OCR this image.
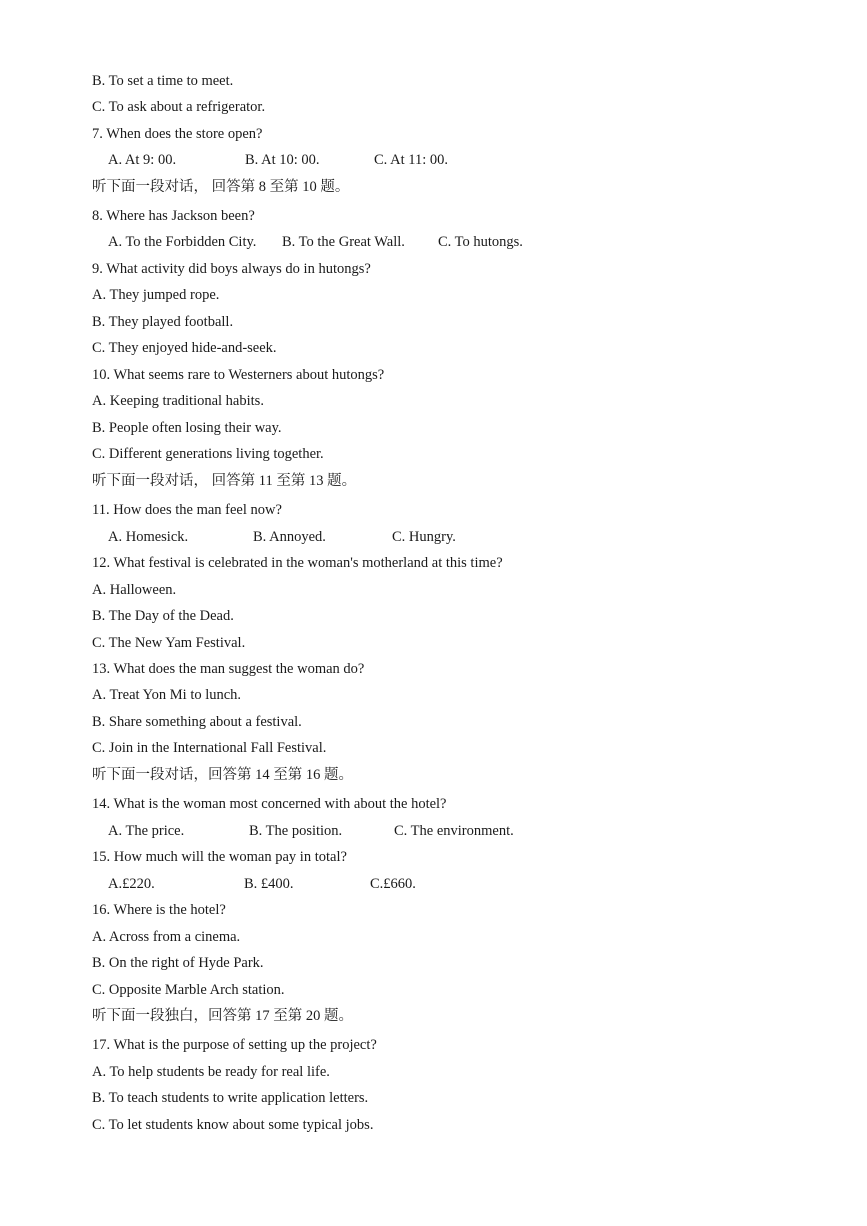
B. To set a time to meet.
C. To ask about a refrigerator.
7. When does the store open?
A. At 9: 00.	B. At 10: 00.	C. At 11: 00.
听下面一段对话， 回答第 8 至第 10 题。
8. Where has Jackson been?
A. To the Forbidden City. B. To the Great Wall. C. To hutongs.
9. What activity did boys always do in hutongs?
A. They jumped rope.
B. They played football.
C. They enjoyed hide-and-seek.
10. What seems rare to Westerners about hutongs?
A. Keeping traditional habits.
B. People often losing their way.
C. Different generations living together.
听下面一段对话， 回答第 11 至第 13 题。
11. How does the man feel now?
A. Homesick.	B. Annoyed.	C. Hungry.
12. What festival is celebrated in the woman's motherland at this time?
A. Halloween.
B. The Day of the Dead.
C. The New Yam Festival.
13. What does the man suggest the woman do?
A. Treat Yon Mi to lunch.
B. Share something about a festival.
C. Join in the International Fall Festival.
听下面一段对话，回答第 14 至第 16 题。
14. What is the woman most concerned with about the hotel?
A. The price.	B. The position.	C. The environment.
15. How much will the woman pay in total?
A.£220.	B. £400.	C.£660.
16. Where is the hotel?
A. Across from a cinema.
B. On the right of Hyde Park.
C. Opposite Marble Arch station.
听下面一段独白，回答第 17 至第 20 题。
17. What is the purpose of setting up the project?
A. To help students be ready for real life.
B. To teach students to write application letters.
C. To let students know about some typical jobs.
